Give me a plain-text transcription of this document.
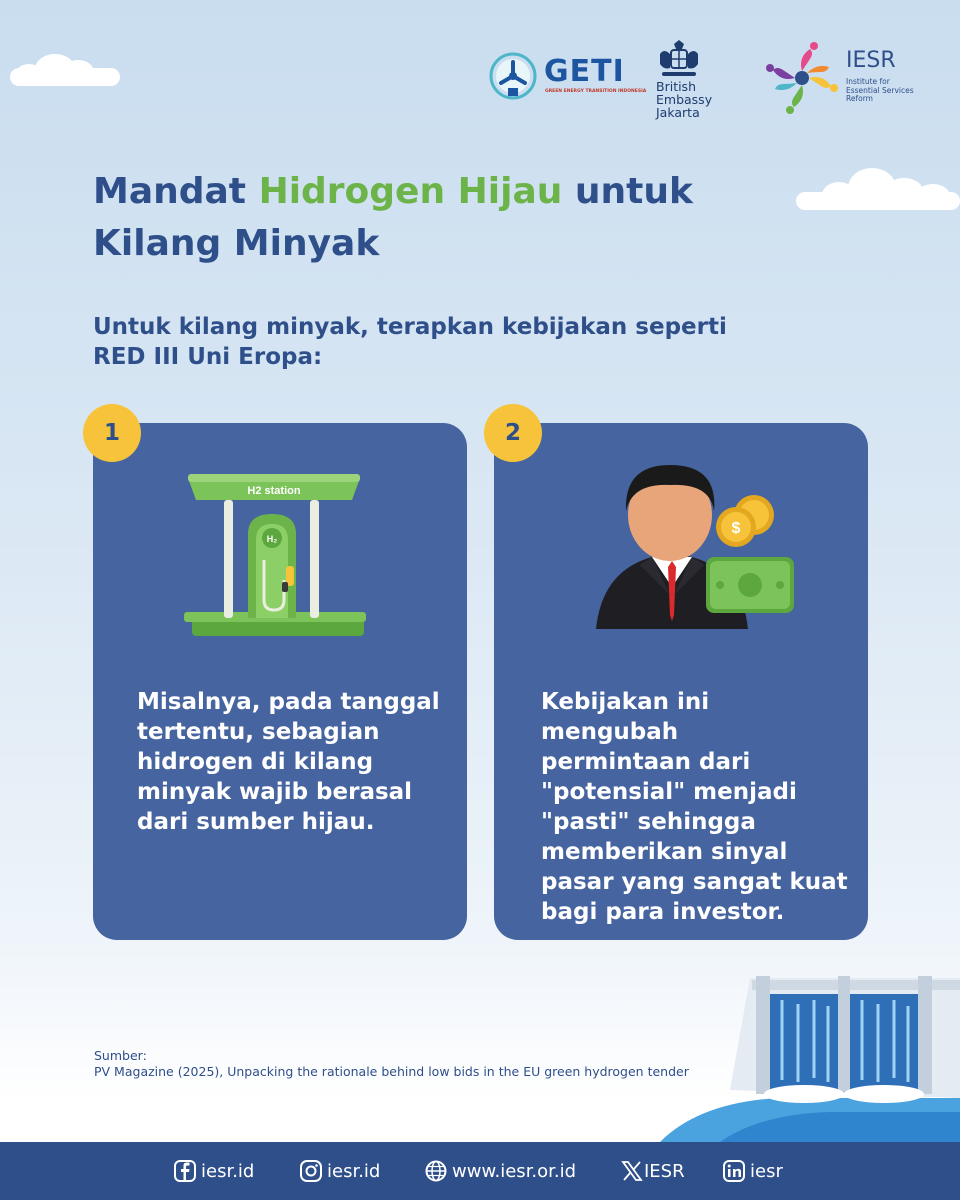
GETI
GREEN ENERGY TRANSITION INDONESIA British Embassy
Jakarta
IESR
Institute for
Essential Services
Reform
Mandat Hidrogen Hijau untuk
Kilang Minyak
Untuk kilang minyak, terapkan kebijakan seperti
RED III Uni Eropa:
1
H2 station
H₂
Misalnya, pada tanggal
tertentu, sebagian
hidrogen di kilang
minyak wajib berasal
dari sumber hijau.
2
$
Kebijakan ini mengubah
permintaan dari
"potensial" menjadi
"pasti" sehingga
memberikan sinyal
pasar yang sangat kuat
bagi para investor.
Sumber:
PV Magazine (2025), Unpacking the rationale behind low bids in the EU green hydrogen tender
iesr.id	iesr.id	www.iesr.or.id	IESR	iesr
